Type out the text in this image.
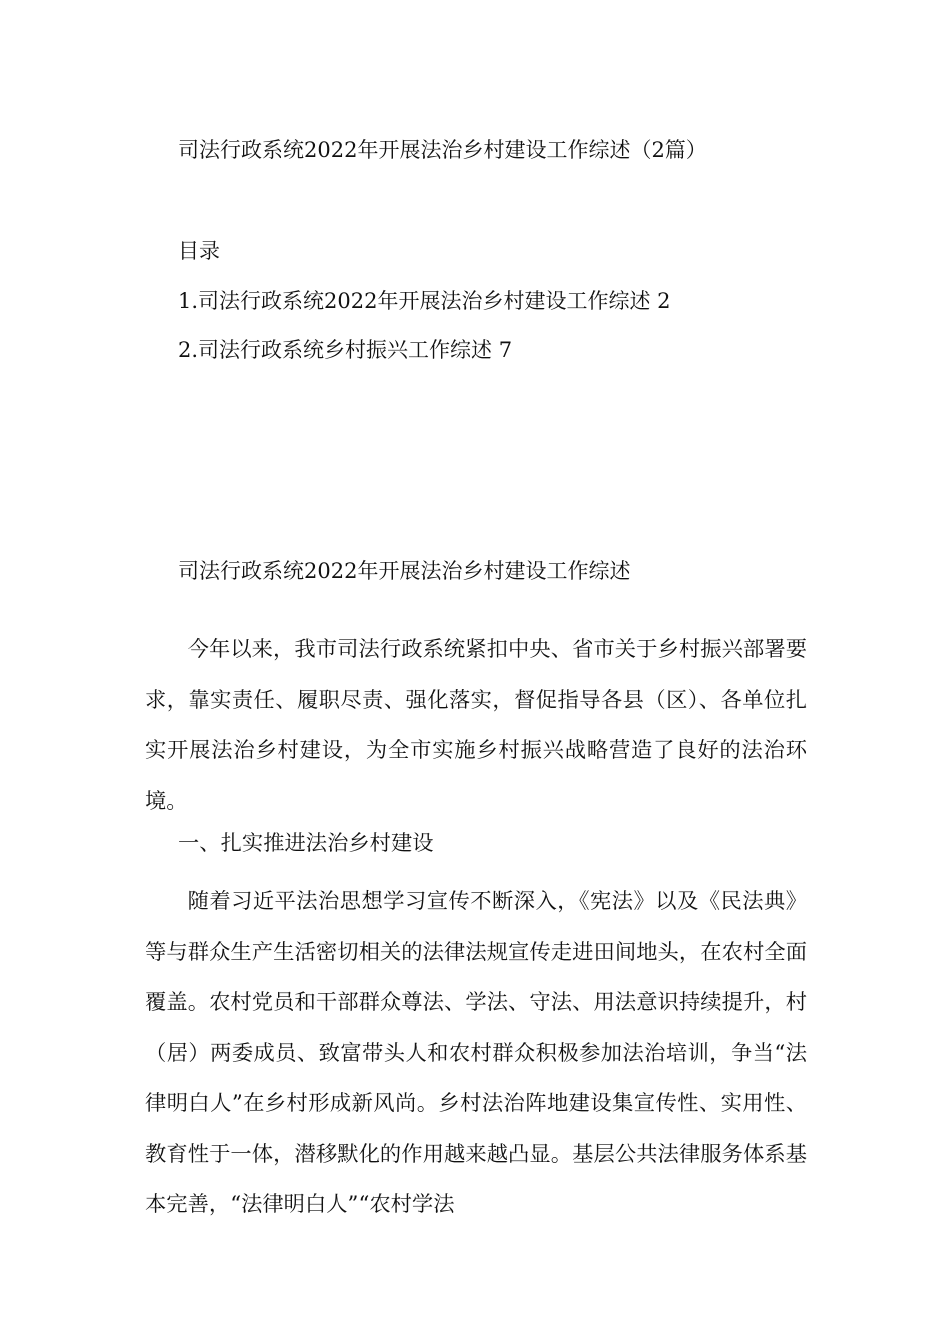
司法行政系统2022年开展法治乡村建设工作综述（2篇）
目录
1.司法行政系统2022年开展法治乡村建设工作综述 2
2.司法行政系统乡村振兴工作综述 7
司法行政系统2022年开展法治乡村建设工作综述
今年以来，我市司法行政系统紧扣中央、省市关于乡村振兴部署要求，靠实责任、履职尽责、强化落实，督促指导各县（区）、各单位扎实开展法治乡村建设，为全市实施乡村振兴战略营造了良好的法治环境。
一、扎实推进法治乡村建设
随着习近平法治思想学习宣传不断深入，《宪法》以及《民法典》等与群众生产生活密切相关的法律法规宣传走进田间地头，在农村全面覆盖。农村党员和干部群众尊法、学法、守法、用法意识持续提升，村（居）两委成员、致富带头人和农村群众积极参加法治培训，争当“法律明白人”在乡村形成新风尚。乡村法治阵地建设集宣传性、实用性、教育性于一体，潜移默化的作用越来越凸显。基层公共法律服务体系基本完善，“法律明白人”“农村学法
